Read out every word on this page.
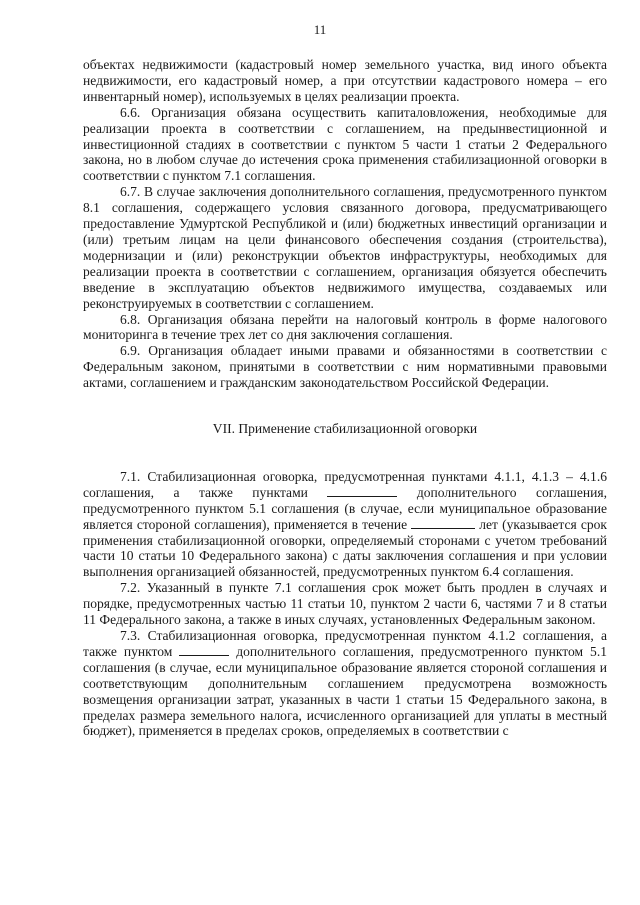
11

объектах недвижимости (кадастровый номер земельного участка, вид иного объекта недвижимости, его кадастровый номер, а при отсутствии кадастрового номера – его инвентарный номер), используемых в целях реализации проекта.

6.6. Организация обязана осуществить капиталовложения, необходимые для реализации проекта в соответствии с соглашением, на предынвестиционной и инвестиционной стадиях в соответствии с пунктом 5 части 1 статьи 2 Федерального закона, но в любом случае до истечения срока применения стабилизационной оговорки в соответствии с пунктом 7.1 соглашения.

6.7. В случае заключения дополнительного соглашения, предусмотренного пунктом 8.1 соглашения, содержащего условия связанного договора, предусматривающего предоставление Удмуртской Республикой и (или) бюджетных инвестиций организации и (или) третьим лицам на цели финансового обеспечения создания (строительства), модернизации и (или) реконструкции объектов инфраструктуры, необходимых для реализации проекта в соответствии с соглашением, организация обязуется обеспечить введение в эксплуатацию объектов недвижимого имущества, создаваемых или реконструируемых в соответствии с соглашением.

6.8. Организация обязана перейти на налоговый контроль в форме налогового мониторинга в течение трех лет со дня заключения соглашения.

6.9. Организация обладает иными правами и обязанностями в соответствии с Федеральным законом, принятыми в соответствии с ним нормативными правовыми актами, соглашением и гражданским законодательством Российской Федерации.

VII. Применение стабилизационной оговорки

7.1. Стабилизационная оговорка, предусмотренная пунктами 4.1.1, 4.1.3 – 4.1.6 соглашения, а также пунктами	дополнительного соглашения, предусмотренного пунктом 5.1 соглашения (в случае, если муниципальное образование является стороной соглашения), применяется в течение	лет (указывается срок применения стабилизационной оговорки, определяемый сторонами с учетом требований части 10 статьи 10 Федерального закона) с даты заключения соглашения и при условии выполнения организацией обязанностей, предусмотренных пунктом 6.4 соглашения.

7.2. Указанный в пункте 7.1 соглашения срок может быть продлен в случаях и порядке, предусмотренных частью 11 статьи 10, пунктом 2 части 6, частями 7 и 8 статьи 11 Федерального закона, а также в иных случаях, установленных Федеральным законом.

7.3. Стабилизационная оговорка, предусмотренная пунктом 4.1.2 соглашения, а также пунктом	дополнительного соглашения, предусмотренного пунктом 5.1 соглашения (в случае, если муниципальное образование является стороной соглашения и соответствующим дополнительным соглашением предусмотрена возможность возмещения организации затрат, указанных в части 1 статьи 15 Федерального закона, в пределах размера земельного налога, исчисленного организацией для уплаты в местный бюджет), применяется в пределах сроков, определяемых в соответствии с
